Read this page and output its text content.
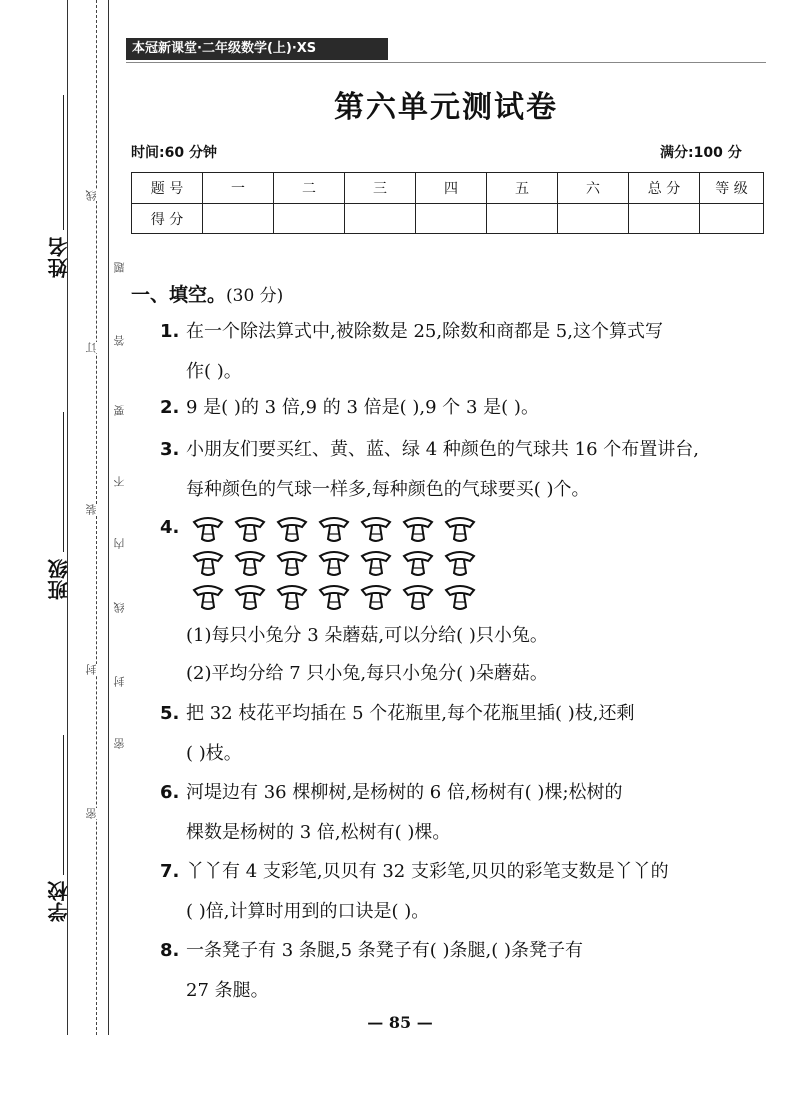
姓名
班级
学校
线
题
答
要
不
内
线
封
密
订
装
封
密
本冠新课堂·二年级数学(上)·XS
第六单元测试卷
时间:60 分钟	满分:100 分
题 号	一	二	三	四	五	六	总 分	等 级
得 分								
一、填空。(30 分)
1. 在一个除法算式中,被除数是 25,除数和商都是 5,这个算式写
作( )。
2. 9 是( )的 3 倍,9 的 3 倍是( ),9 个 3 是( )。
3. 小朋友们要买红、黄、蓝、绿 4 种颜色的气球共 16 个布置讲台,
每种颜色的气球一样多,每种颜色的气球要买( )个。
4.
(1)每只小兔分 3 朵蘑菇,可以分给( )只小兔。
(2)平均分给 7 只小兔,每只小兔分( )朵蘑菇。
5. 把 32 枝花平均插在 5 个花瓶里,每个花瓶里插( )枝,还剩
( )枝。
6. 河堤边有 36 棵柳树,是杨树的 6 倍,杨树有( )棵;松树的
棵数是杨树的 3 倍,松树有( )棵。
7. 丫丫有 4 支彩笔,贝贝有 32 支彩笔,贝贝的彩笔支数是丫丫的
( )倍,计算时用到的口诀是( )。
8. 一条凳子有 3 条腿,5 条凳子有( )条腿,( )条凳子有
27 条腿。
— 85 —
